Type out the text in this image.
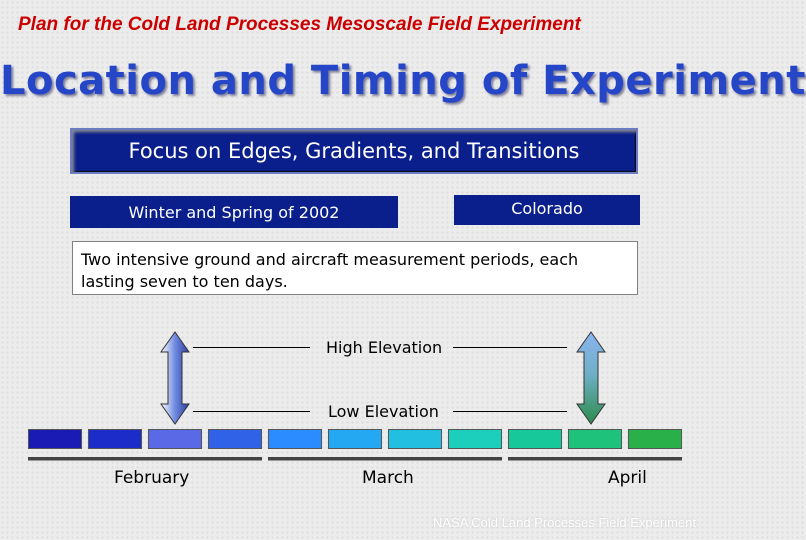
Plan for the Cold Land Processes Mesoscale Field Experiment
Location and Timing of Experiment
Focus on Edges, Gradients, and Transitions
Winter and Spring of 2002	Colorado
Two intensive ground and aircraft measurement periods, each lasting seven to ten days.
High Elevation
Low Elevation
February	March	April
NASA Cold Land Processes Field Experiment
